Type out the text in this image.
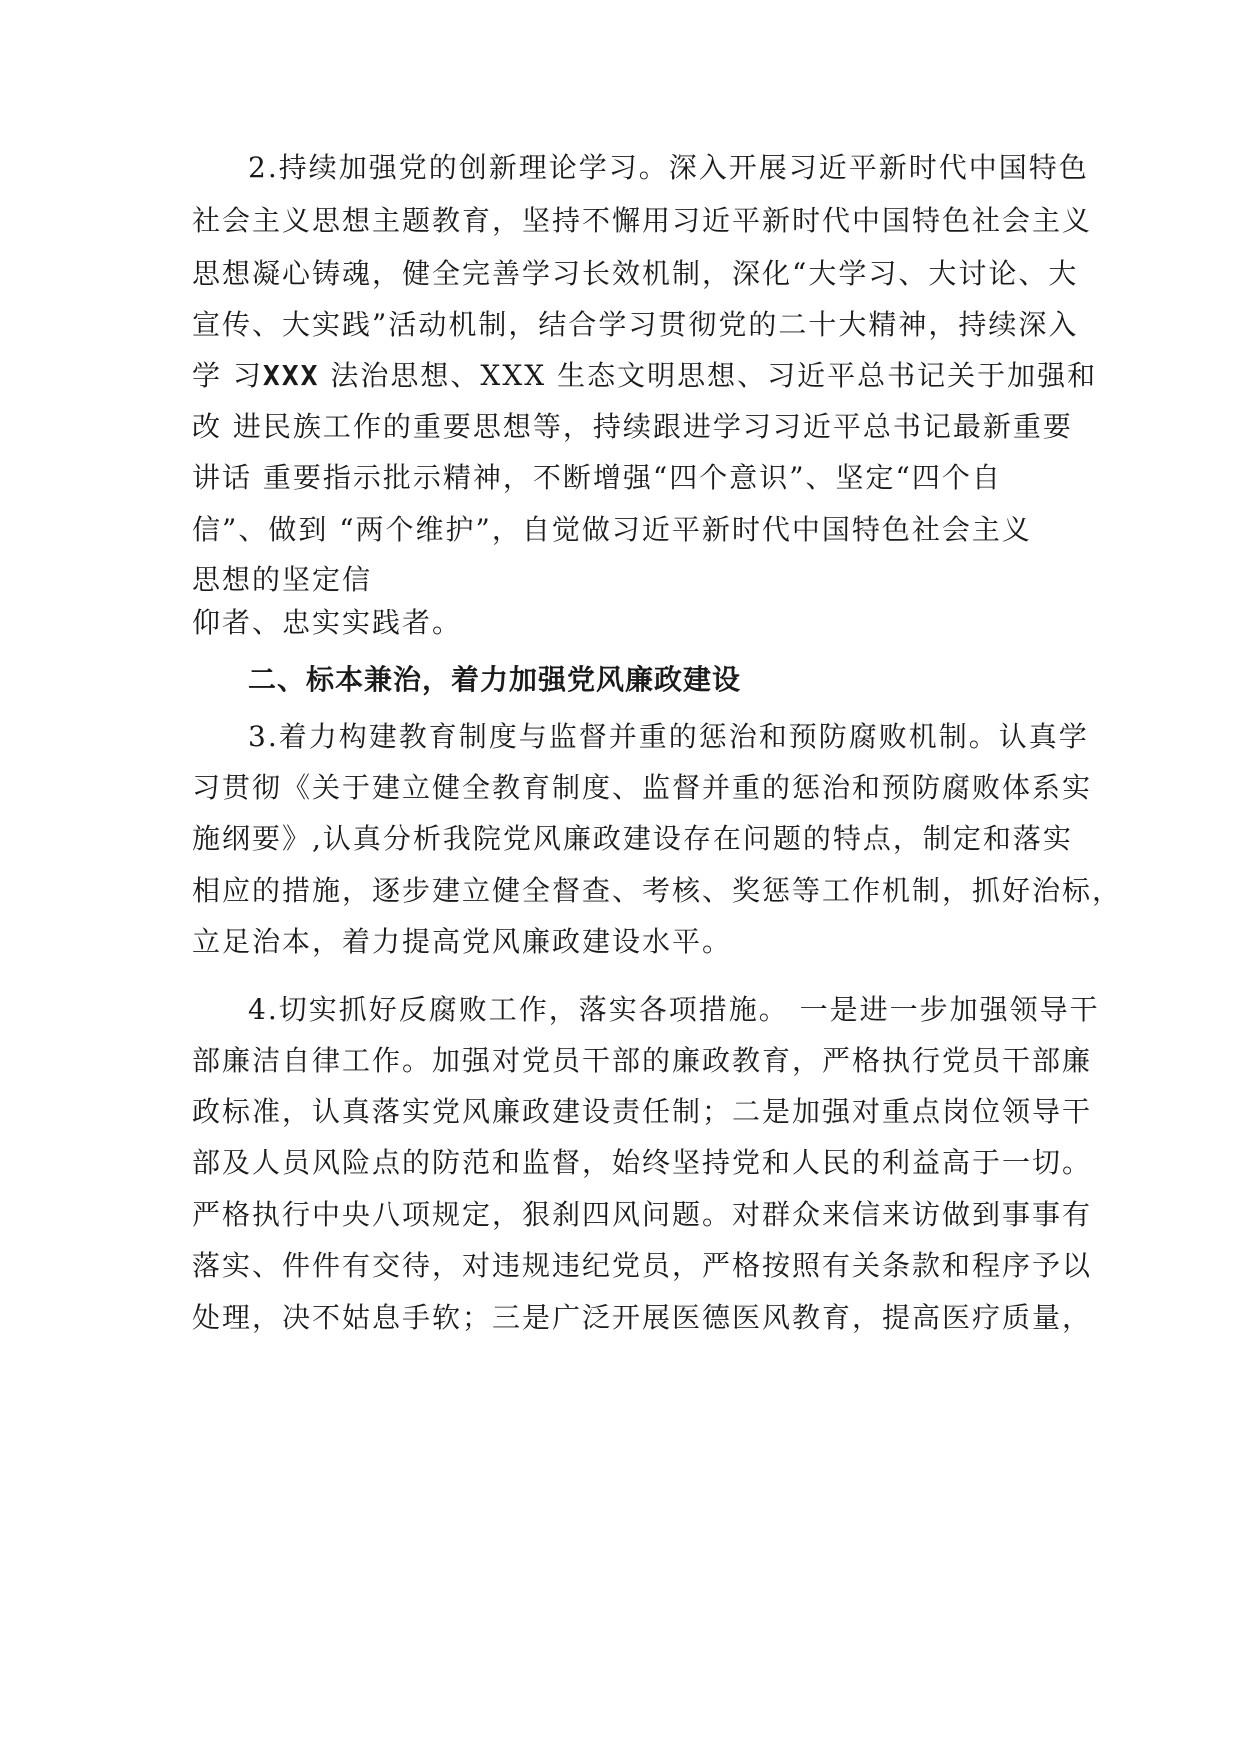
2.持续加强党的创新理论学习。深入开展习近平新时代中国特色
社会主义思想主题教育，坚持不懈用习近平新时代中国特色社会主义
思想凝心铸魂，健全完善学习长效机制，深化“大学习、大讨论、大
宣传、大实践”活动机制，结合学习贯彻党的二十大精神，持续深入
学 习XXX 法治思想、XXX 生态文明思想、习近平总书记关于加强和
改 进民族工作的重要思想等，持续跟进学习习近平总书记最新重要
讲话 重要指示批示精神，不断增强“四个意识”、坚定“四个自
信”、做到 “两个维护”，自觉做习近平新时代中国特色社会主义
思想的坚定信
仰者、忠实实践者。
二、标本兼治，着力加强党风廉政建设
3.着力构建教育制度与监督并重的惩治和预防腐败机制。认真学
习贯彻《关于建立健全教育制度、监督并重的惩治和预防腐败体系实
施纲要》,认真分析我院党风廉政建设存在问题的特点，制定和落实
相应的措施，逐步建立健全督查、考核、奖惩等工作机制，抓好治标，
立足治本，着力提高党风廉政建设水平。
4.切实抓好反腐败工作，落实各项措施。 一是进一步加强领导干
部廉洁自律工作。加强对党员干部的廉政教育，严格执行党员干部廉
政标准，认真落实党风廉政建设责任制；二是加强对重点岗位领导干
部及人员风险点的防范和监督，始终坚持党和人民的利益高于一切。
严格执行中央八项规定，狠刹四风问题。对群众来信来访做到事事有
落实、件件有交待，对违规违纪党员，严格按照有关条款和程序予以
处理，决不姑息手软；三是广泛开展医德医风教育，提高医疗质量，
